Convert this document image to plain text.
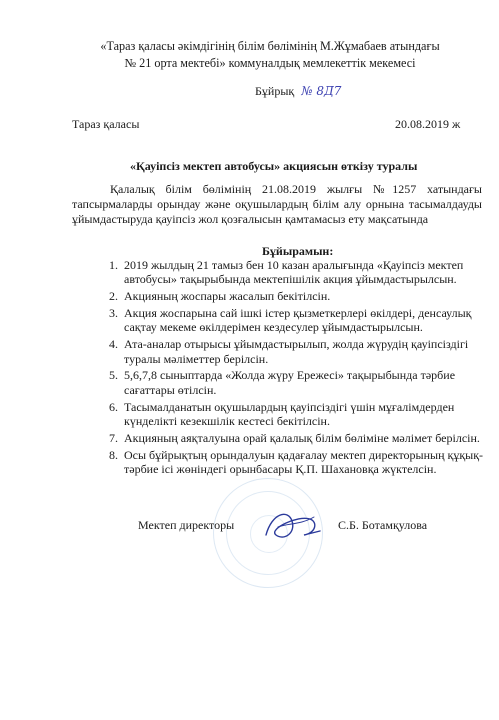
«Тараз қаласы әкімдігінің білім бөлімінің М.Жұмабаев атындағы
№ 21 орта мектебі» коммуналдық мемлекеттік мекемесі
Бұйрық № 8Д7
Тараз қаласы	20.08.2019 ж
«Қауіпсіз мектеп автобусы» акциясын өткізу туралы
Қалалық білім бөлімінің 21.08.2019 жылғы №1257 хатындағы тапсырмаларды орындау және оқушылардың білім алу орнына тасымалдауды ұйымдастыруда қауіпсіз жол қозғалысын қамтамасыз ету мақсатында
Бұйырамын:
1. 2019 жылдың 21 тамыз бен 10 казан аралығында «Қауіпсіз мектеп автобусы» тақырыбында мектепішілік акция ұйымдастырылсын.
2. Акцияның жоспары жасалып бекітілсін.
3. Акция жоспарына сай ішкі істер қызметкерлері өкілдері, денсаулық сақтау мекеме өкілдерімен кездесулер ұйымдастырылсын.
4. Ата-аналар отырысы ұйымдастырылып, жолда жүрудің қауіпсіздігі туралы мәліметтер берілсін.
5. 5,6,7,8 сыныптарда «Жолда жүру Ережесі» тақырыбында тәрбие сағаттары өтілсін.
6. Тасымалданатын оқушылардың қауіпсіздігі үшін мұғалімдерден күнделікті кезекшілік кестесі бекітілсін.
7. Акцияның аяқталуына орай қалалық білім бөліміне мәлімет берілсін.
8. Осы бұйрықтың орындалуын қадағалау мектеп директорының құқық-тәрбие ісі жөніндегі орынбасары Қ.П. Шахановқа жүктелсін.
Мектеп директоры	С.Б. Ботамқулова
